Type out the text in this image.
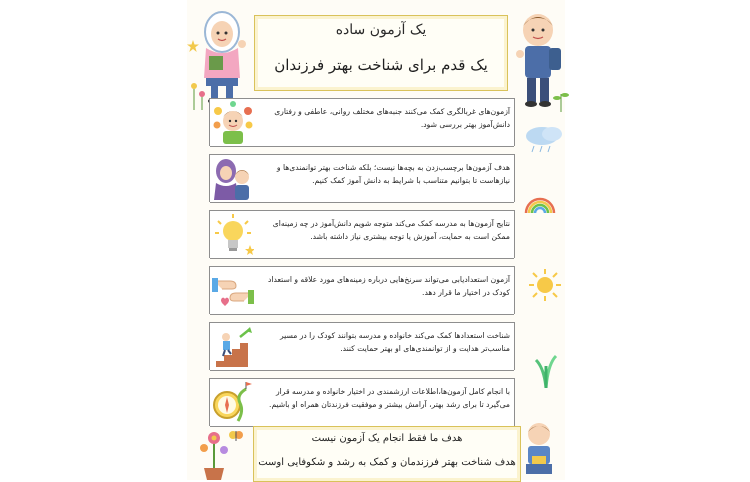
یک آزمون ساده
یک قدم برای شناخت بهتر فرزندان
آزمون‌های غربالگری کمک می‌کنند جنبه‌های مختلف روانی، عاطفی و رفتاری دانش‌آموز بهتر بررسی شود.
هدف آزمون‌ها برچسب‌زدن به بچه‌ها نیست؛ بلکه شناخت بهتر توانمندی‌ها و نیازهاست تا بتوانیم متناسب با شرایط به دانش آموز کمک کنیم.
نتایج آزمون‌ها به مدرسه کمک می‌کند متوجه شویم دانش‌آموز در چه زمینه‌ای ممکن است به حمایت، آموزش یا توجه بیشتری نیاز داشته باشد.
آزمون استعدادیابی می‌تواند سرنخ‌هایی درباره زمینه‌های مورد علاقه و استعداد کودک در اختیار ما قرار دهد.
شناخت استعدادها کمک می‌کند خانواده و مدرسه بتوانند کودک را در مسیر مناسب‌تر هدایت و از توانمندی‌های او بهتر حمایت کنند.
با انجام کامل آزمون‌ها،اطلاعات ارزشمندی در اختیار خانواده و مدرسه قرار می‌گیرد تا برای رشد بهتر، آرامش بیشتر و موفقیت فرزندتان همراه او باشیم.
هدف ما فقط انجام یک آزمون نیست
هدف شناخت بهتر فرزندمان و کمک به رشد و شکوفایی اوست
